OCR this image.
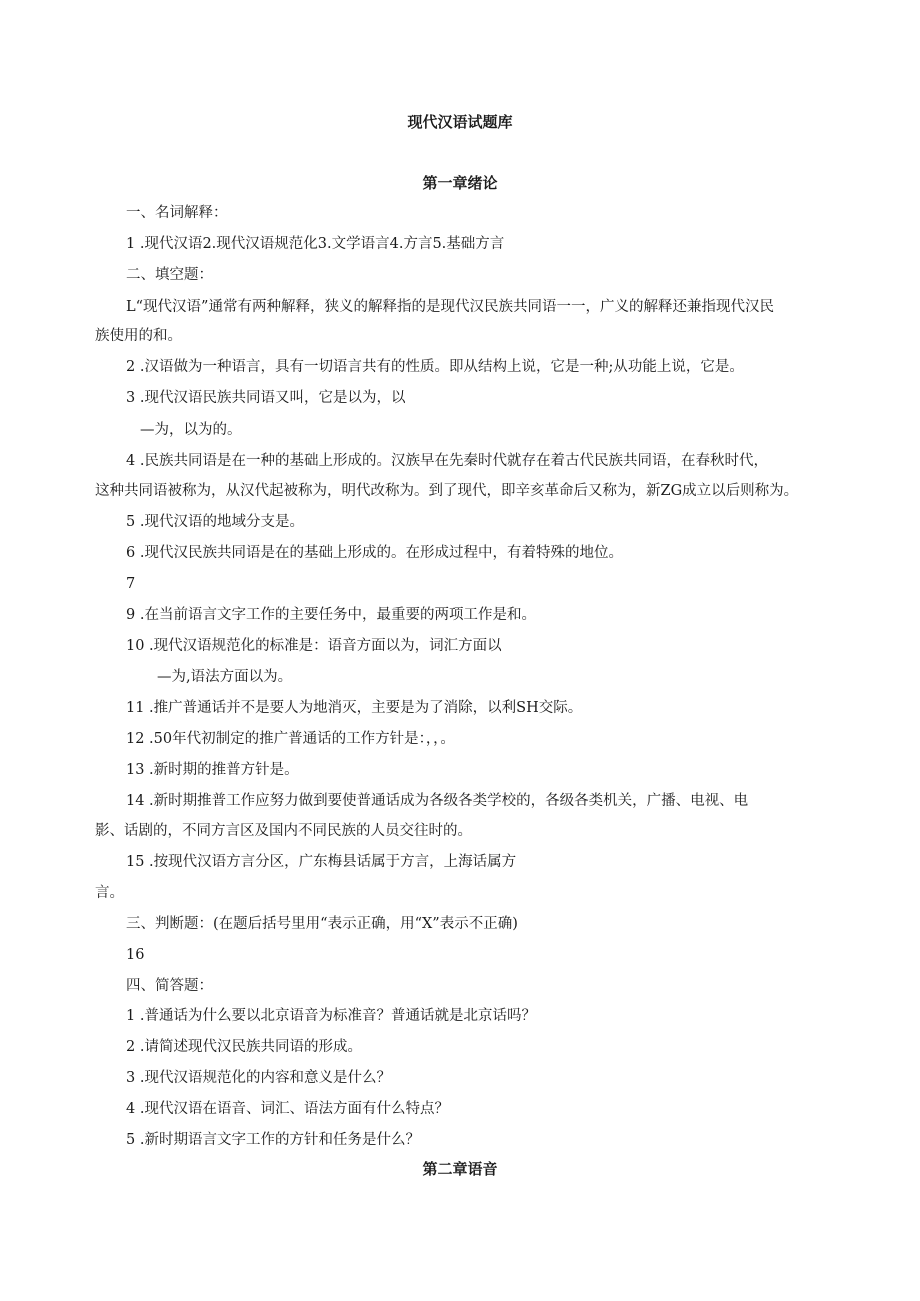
现代汉语试题库
第一章绪论
一、名词解释：
1 .现代汉语2.现代汉语规范化3.文学语言4.方言5.基础方言
二、填空题：
L“现代汉语”通常有两种解释，狭义的解释指的是现代汉民族共同语一一，广义的解释还兼指现代汉民
族使用的和。
2 .汉语做为一种语言，具有一切语言共有的性质。即从结构上说，它是一种;从功能上说，它是。
3 .现代汉语民族共同语又叫，它是以为，以
—为，以为的。
4 .民族共同语是在一种的基础上形成的。汉族早在先秦时代就存在着古代民族共同语，在春秋时代，
这种共同语被称为，从汉代起被称为，明代改称为。到了现代，即辛亥革命后又称为，新ZG成立以后则称为。
5 .现代汉语的地域分支是。
6 .现代汉民族共同语是在的基础上形成的。在形成过程中，有着特殊的地位。
7
9 .在当前语言文字工作的主要任务中，最重要的两项工作是和。
10 .现代汉语规范化的标准是：语音方面以为，词汇方面以
—为,语法方面以为。
11 .推广普通话并不是要人为地消灭，主要是为了消除，以利SH交际。
12 .50年代初制定的推广普通话的工作方针是：，，。
13 .新时期的推普方针是。
14 .新时期推普工作应努力做到要使普通话成为各级各类学校的，各级各类机关，广播、电视、电
影、话剧的，不同方言区及国内不同民族的人员交往时的。
15 .按现代汉语方言分区，广东梅县话属于方言，上海话属方
言。
三、判断题：(在题后括号里用“表示正确，用“X”表示不正确)
16
四、简答题：
1 .普通话为什么要以北京语音为标准音？普通话就是北京话吗？
2 .请简述现代汉民族共同语的形成。
3 .现代汉语规范化的内容和意义是什么？
4 .现代汉语在语音、词汇、语法方面有什么特点？
5 .新时期语言文字工作的方针和任务是什么？
第二章语音
